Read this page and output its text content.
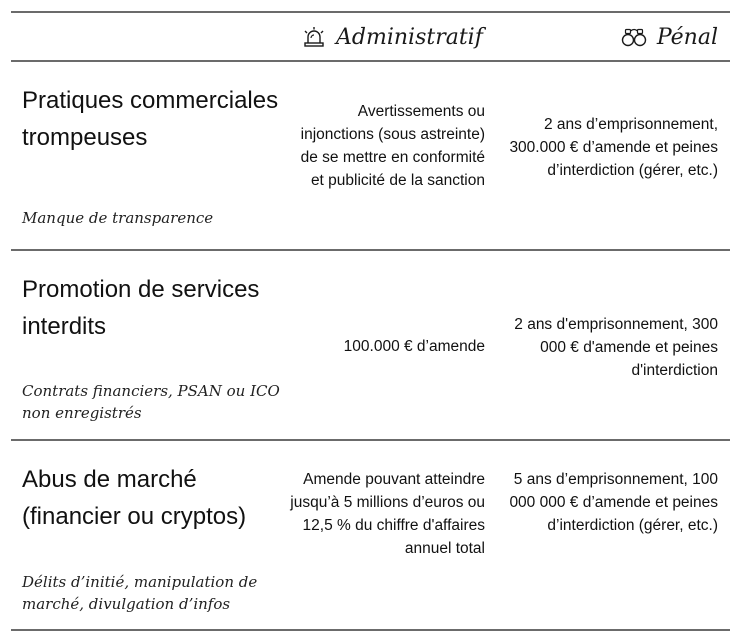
Administratif	Pénal
Pratiques commerciales trompeuses
Manque de transparence
Avertissements ou injonctions (sous astreinte) de se mettre en conformité et publicité de la sanction
2 ans d’emprisonnement, 300.000 € d’amende et peines d’interdiction (gérer, etc.)
Promotion de services interdits
Contrats financiers, PSAN ou ICO non enregistrés
100.000 € d’amende
2 ans d'emprisonnement, 300 000 € d'amende et peines d'interdiction
Abus de marché (financier ou cryptos)
Délits d’initié, manipulation de marché, divulgation d’infos
Amende pouvant atteindre jusqu’à 5 millions d’euros ou 12,5 % du chiffre d'affaires annuel total
5 ans d’emprisonnement, 100 000 000 € d’amende et peines d’interdiction (gérer, etc.)
